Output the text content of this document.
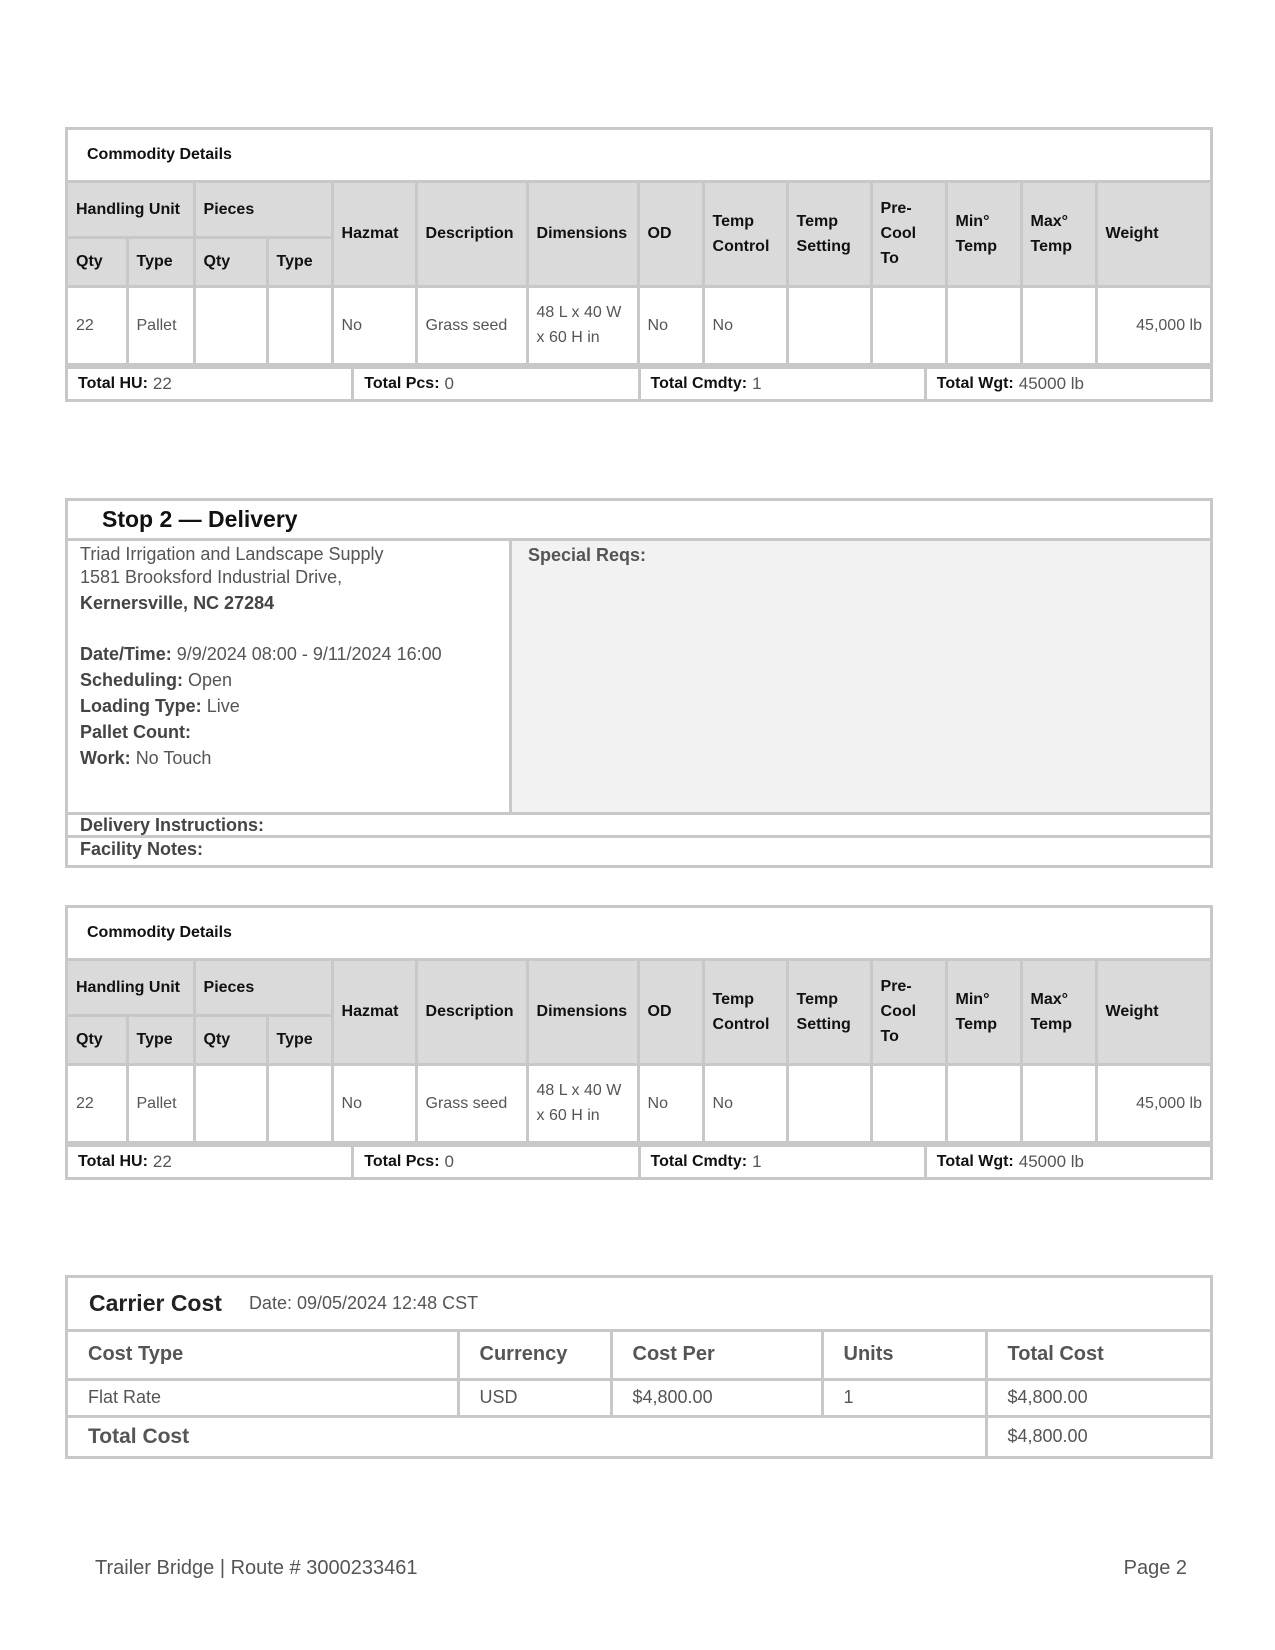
Commodity Details
Handling Unit		Pieces		Hazmat	Description	Dimensions	OD	Temp Control	Temp Setting	Pre-Cool To	Min° Temp	Max° Temp	Weight
Qty	Type	Qty	Type										
22	Pallet			No	Grass seed	48 L x 40 W x 60 H in	No	No					45,000 lb
Total HU: 22	Total Pcs: 0	Total Cmdty: 1	Total Wgt: 45000 lb
Stop 2 — Delivery
Triad Irrigation and Landscape Supply
1581 Brooksford Industrial Drive,
Kernersville, NC 27284
Date/Time: 9/9/2024 08:00 - 9/11/2024 16:00
Scheduling: Open
Loading Type: Live
Pallet Count:
Work: No Touch
Special Reqs:
Delivery Instructions:
Facility Notes:
Commodity Details
Handling Unit		Pieces		Hazmat	Description	Dimensions	OD	Temp Control	Temp Setting	Pre-Cool To	Min° Temp	Max° Temp	Weight
Qty	Type	Qty	Type										
22	Pallet			No	Grass seed	48 L x 40 W x 60 H in	No	No					45,000 lb
Total HU: 22	Total Pcs: 0	Total Cmdty: 1	Total Wgt: 45000 lb
Carrier Cost Date: 09/05/2024 12:48 CST
Cost Type	Currency	Cost Per	Units	Total Cost
Flat Rate	USD	$4,800.00	1	$4,800.00
Total Cost				$4,800.00
Trailer Bridge | Route # 3000233461	Page 2
